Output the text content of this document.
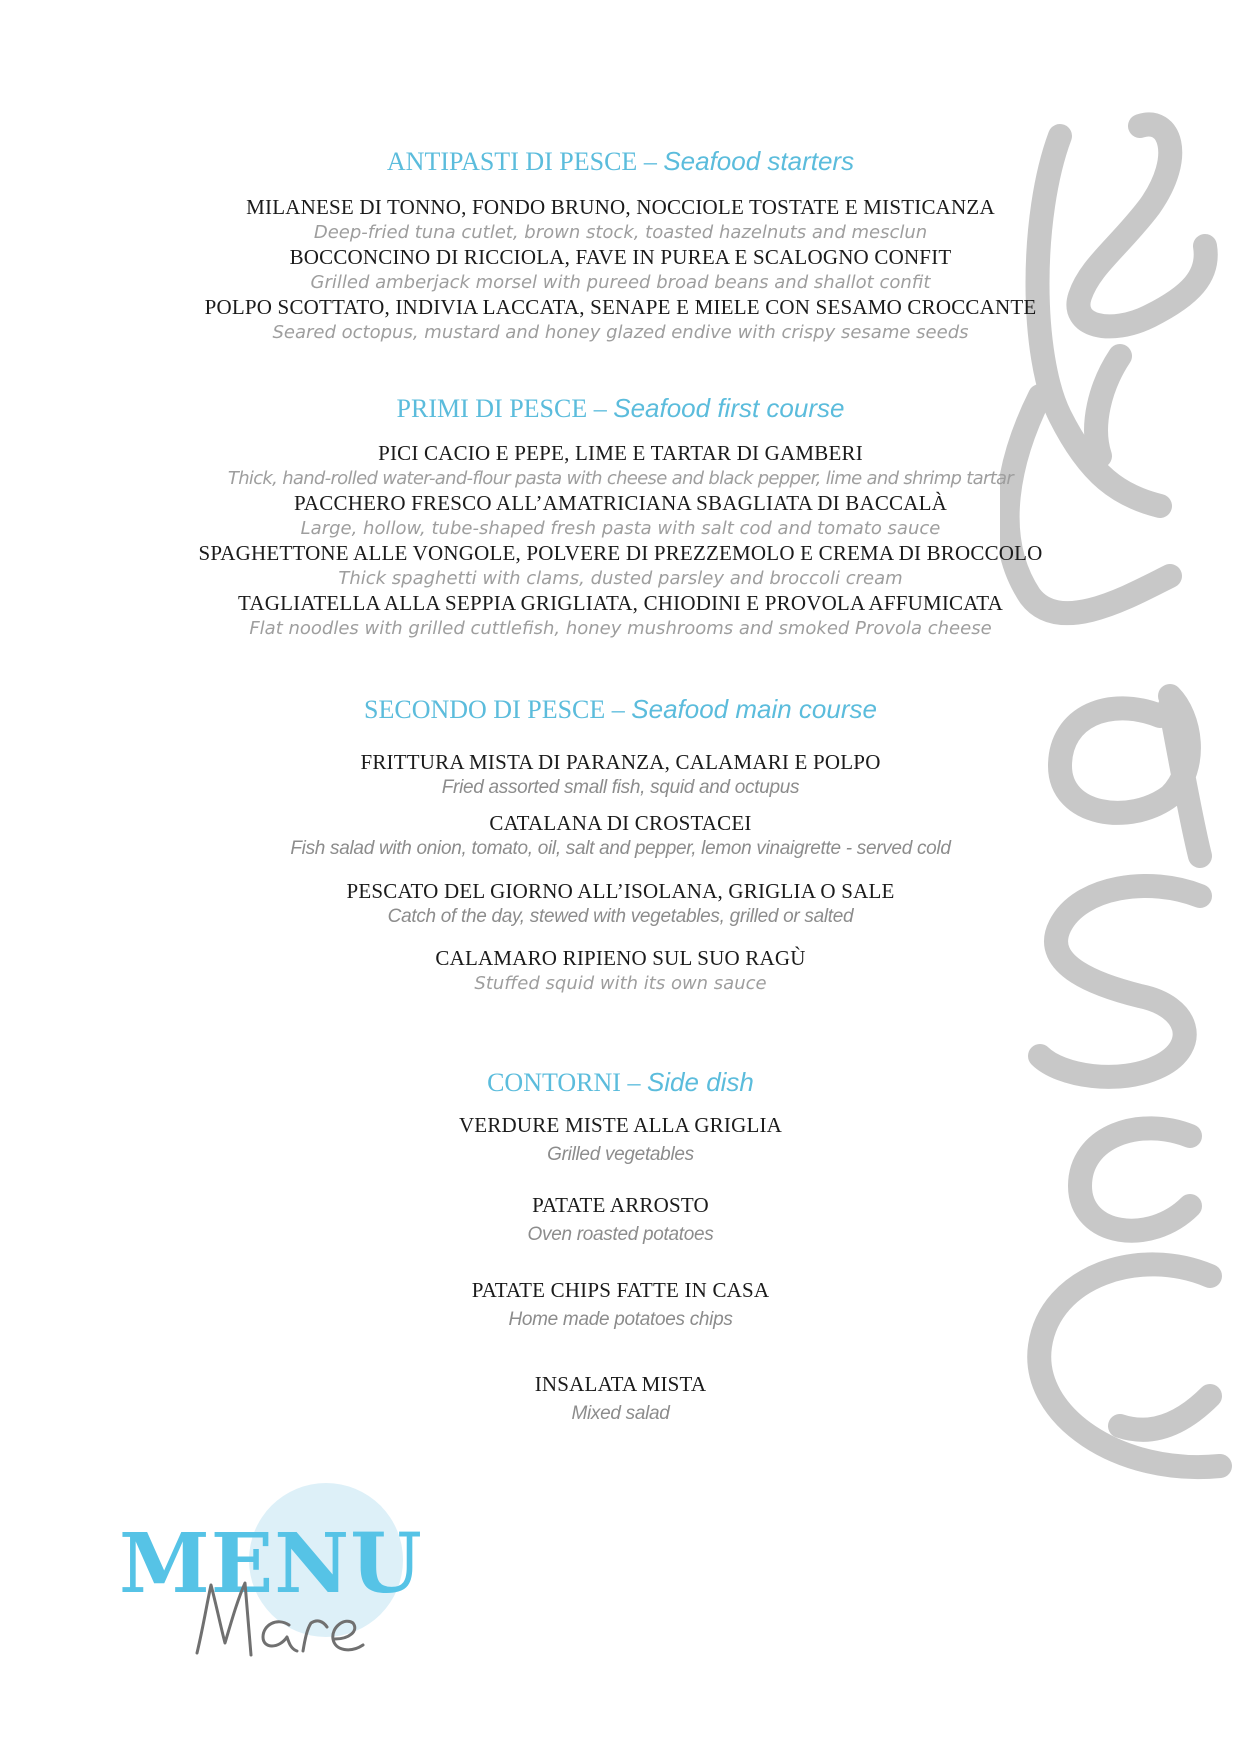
ANTIPASTI DI PESCE – Seafood starters
MILANESE DI TONNO, FONDO BRUNO, NOCCIOLE TOSTATE E MISTICANZA
Deep-fried tuna cutlet, brown stock, toasted hazelnuts and mesclun
BOCCONCINO DI RICCIOLA, FAVE IN PUREA E SCALOGNO CONFIT
Grilled amberjack morsel with pureed broad beans and shallot confit
POLPO SCOTTATO, INDIVIA LACCATA, SENAPE E MIELE CON SESAMO CROCCANTE
Seared octopus, mustard and honey glazed endive with crispy sesame seeds
PRIMI DI PESCE – Seafood first course
PICI CACIO E PEPE, LIME E TARTAR DI GAMBERI
Thick, hand-rolled water-and-flour pasta with cheese and black pepper, lime and shrimp tartar
PACCHERO FRESCO ALL’AMATRICIANA SBAGLIATA DI BACCALÀ
Large, hollow, tube-shaped fresh pasta with salt cod and tomato sauce
SPAGHETTONE ALLE VONGOLE, POLVERE DI PREZZEMOLO E CREMA DI BROCCOLO
Thick spaghetti with clams, dusted parsley and broccoli cream
TAGLIATELLA ALLA SEPPIA GRIGLIATA, CHIODINI E PROVOLA AFFUMICATA
Flat noodles with grilled cuttlefish, honey mushrooms and smoked Provola cheese
SECONDO DI PESCE – Seafood main course
FRITTURA MISTA DI PARANZA, CALAMARI E POLPO
Fried assorted small fish, squid and octupus
CATALANA DI CROSTACEI
Fish salad with onion, tomato, oil, salt and pepper, lemon vinaigrette - served cold
PESCATO DEL GIORNO ALL’ISOLANA, GRIGLIA O SALE
Catch of the day, stewed with vegetables, grilled or salted
CALAMARO RIPIENO SUL SUO RAGÙ
Stuffed squid with its own sauce
CONTORNI – Side dish
VERDURE MISTE ALLA GRIGLIA
Grilled vegetables
PATATE ARROSTO
Oven roasted potatoes
PATATE CHIPS FATTE IN CASA
Home made potatoes chips
INSALATA MISTA
Mixed salad
MENU
